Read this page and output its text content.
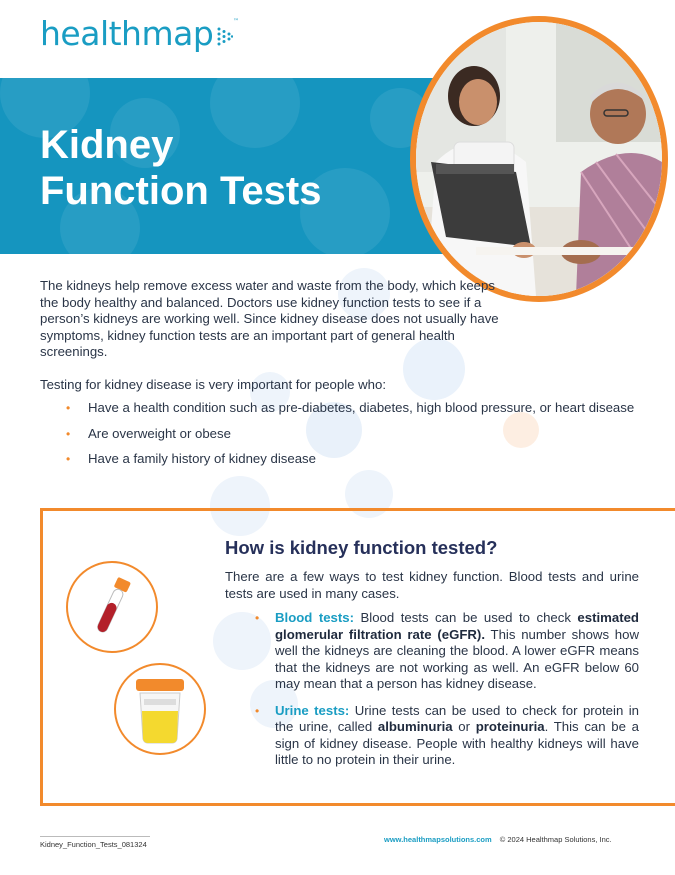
healthmap	™
Kidney
Function Tests

The kidneys help remove excess water and waste from the body, which keeps the body healthy and balanced. Doctors use kidney function tests to see if a person’s kidneys are working well. Since kidney disease does not usually have symptoms, kidney function tests are an important part of general health screenings.

Testing for kidney disease is very important for people who:

• Have a health condition such as pre-diabetes, diabetes, high blood pressure, or heart disease
• Are overweight or obese
• Have a family history of kidney disease
How is kidney function tested?
There are a few ways to test kidney function. Blood tests and urine tests are used in many cases.
• Blood tests: Blood tests can be used to check estimated glomerular filtration rate (eGFR). This number shows how well the kidneys are cleaning the blood. A lower eGFR means that the kidneys are not working as well. An eGFR below 60 may mean that a person has kidney disease.
• Urine tests: Urine tests can be used to check for protein in the urine, called albuminuria or proteinuria. This can be a sign of kidney disease. People with healthy kidneys will have little to no protein in their urine.
Kidney_Function_Tests_081324
www.healthmapsolutions.com © 2024 Healthmap Solutions, Inc.
